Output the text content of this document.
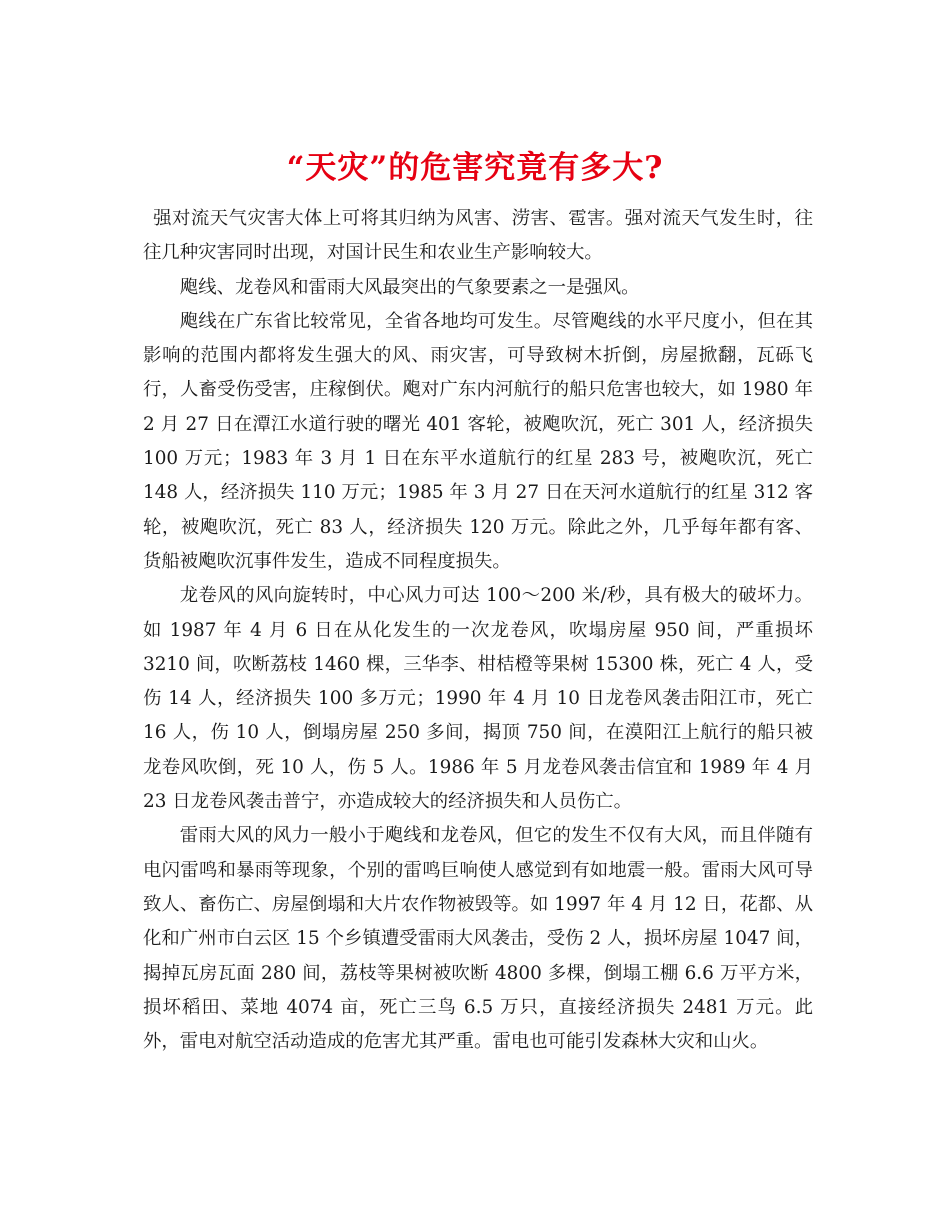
“天灾”的危害究竟有多大?

强对流天气灾害大体上可将其归纳为风害、涝害、雹害。强对流天气发生时，往往几种灾害同时出现，对国计民生和农业生产影响较大。

飑线、龙卷风和雷雨大风最突出的气象要素之一是强风。

飑线在广东省比较常见，全省各地均可发生。尽管飑线的水平尺度小，但在其影响的范围内都将发生强大的风、雨灾害，可导致树木折倒，房屋掀翻，瓦砾飞行，人畜受伤受害，庄稼倒伏。飑对广东内河航行的船只危害也较大，如 1980 年 2 月 27 日在潭江水道行驶的曙光 401 客轮，被飑吹沉，死亡 301 人，经济损失 100 万元；1983 年 3 月 1 日在东平水道航行的红星 283 号，被飑吹沉，死亡 148 人，经济损失 110 万元；1985 年 3 月 27 日在天河水道航行的红星 312 客轮，被飑吹沉，死亡 83 人，经济损失 120 万元。除此之外，几乎每年都有客、货船被飑吹沉事件发生，造成不同程度损失。

龙卷风的风向旋转时，中心风力可达 100～200 米/秒，具有极大的破坏力。如 1987 年 4 月 6 日在从化发生的一次龙卷风，吹塌房屋 950 间，严重损坏 3210 间，吹断荔枝 1460 棵，三华李、柑桔橙等果树 15300 株，死亡 4 人，受伤 14 人，经济损失 100 多万元；1990 年 4 月 10 日龙卷风袭击阳江市，死亡 16 人，伤 10 人，倒塌房屋 250 多间，揭顶 750 间，在漠阳江上航行的船只被龙卷风吹倒，死 10 人，伤 5 人。1986 年 5 月龙卷风袭击信宜和 1989 年 4 月 23 日龙卷风袭击普宁，亦造成较大的经济损失和人员伤亡。

雷雨大风的风力一般小于飑线和龙卷风，但它的发生不仅有大风，而且伴随有电闪雷鸣和暴雨等现象，个别的雷鸣巨响使人感觉到有如地震一般。雷雨大风可导致人、畜伤亡、房屋倒塌和大片农作物被毁等。如 1997 年 4 月 12 日，花都、从化和广州市白云区 15 个乡镇遭受雷雨大风袭击，受伤 2 人，损坏房屋 1047 间，揭掉瓦房瓦面 280 间，荔枝等果树被吹断 4800 多棵，倒塌工棚 6.6 万平方米，损坏稻田、菜地 4074 亩，死亡三鸟 6.5 万只，直接经济损失 2481 万元。此外，雷电对航空活动造成的危害尤其严重。雷电也可能引发森林大灾和山火。
